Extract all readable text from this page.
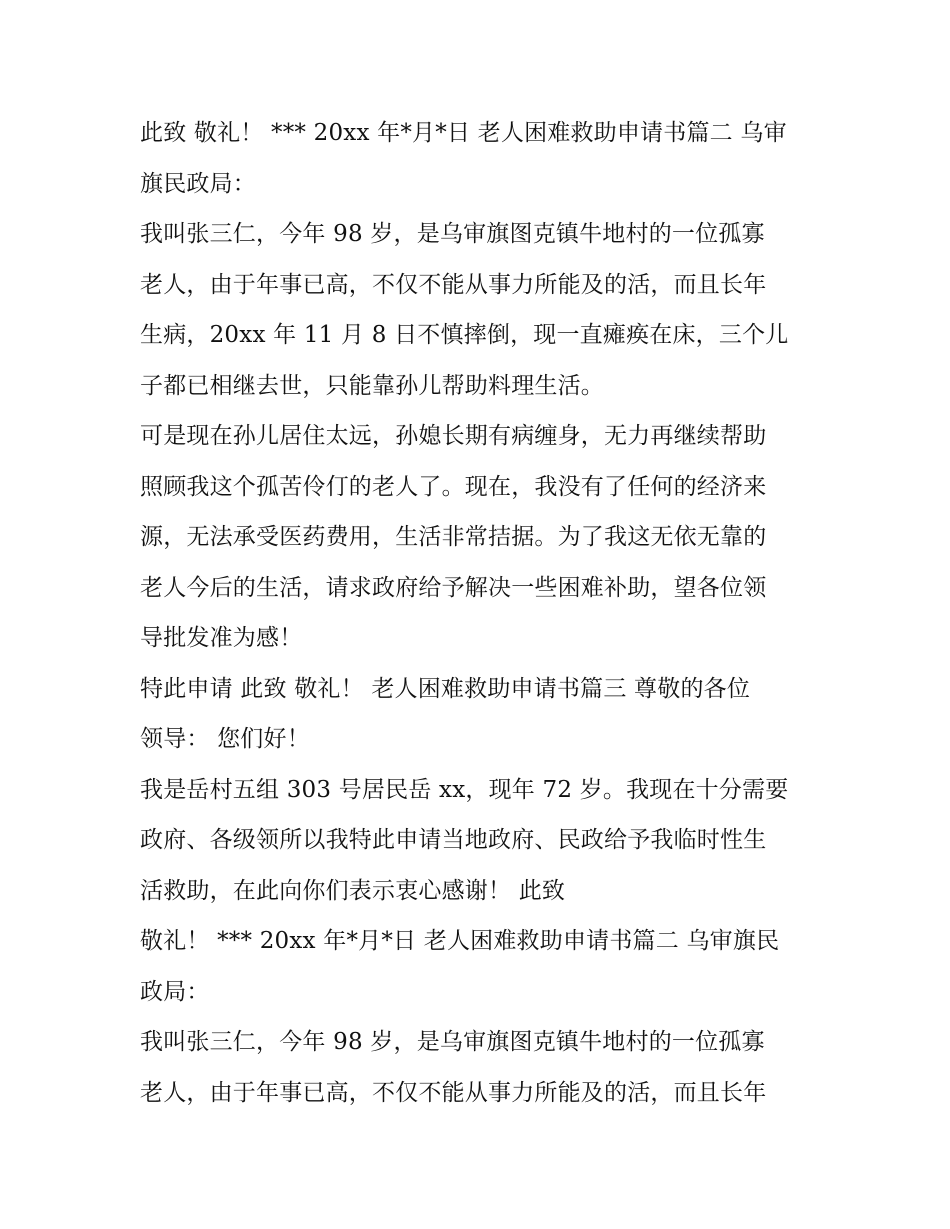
此致 敬礼！ *** 20xx 年*月*日 老人困难救助申请书篇二 乌审
旗民政局：
我叫张三仁，今年 98 岁，是乌审旗图克镇牛地村的一位孤寡
老人，由于年事已高，不仅不能从事力所能及的活，而且长年
生病，20xx 年 11 月 8 日不慎摔倒，现一直瘫痪在床，三个儿
子都已相继去世，只能靠孙儿帮助料理生活。
可是现在孙儿居住太远，孙媳长期有病缠身，无力再继续帮助
照顾我这个孤苦伶仃的老人了。现在，我没有了任何的经济来
源，无法承受医药费用，生活非常拮据。为了我这无依无靠的
老人今后的生活，请求政府给予解决一些困难补助，望各位领
导批发准为感！
特此申请 此致 敬礼！ 老人困难救助申请书篇三 尊敬的各位
领导： 您们好！
我是岳村五组 303 号居民岳 xx，现年 72 岁。我现在十分需要
政府、各级领所以我特此申请当地政府、民政给予我临时性生
活救助，在此向你们表示衷心感谢！ 此致
敬礼！ *** 20xx 年*月*日 老人困难救助申请书篇二 乌审旗民
政局：
我叫张三仁，今年 98 岁，是乌审旗图克镇牛地村的一位孤寡
老人，由于年事已高，不仅不能从事力所能及的活，而且长年
